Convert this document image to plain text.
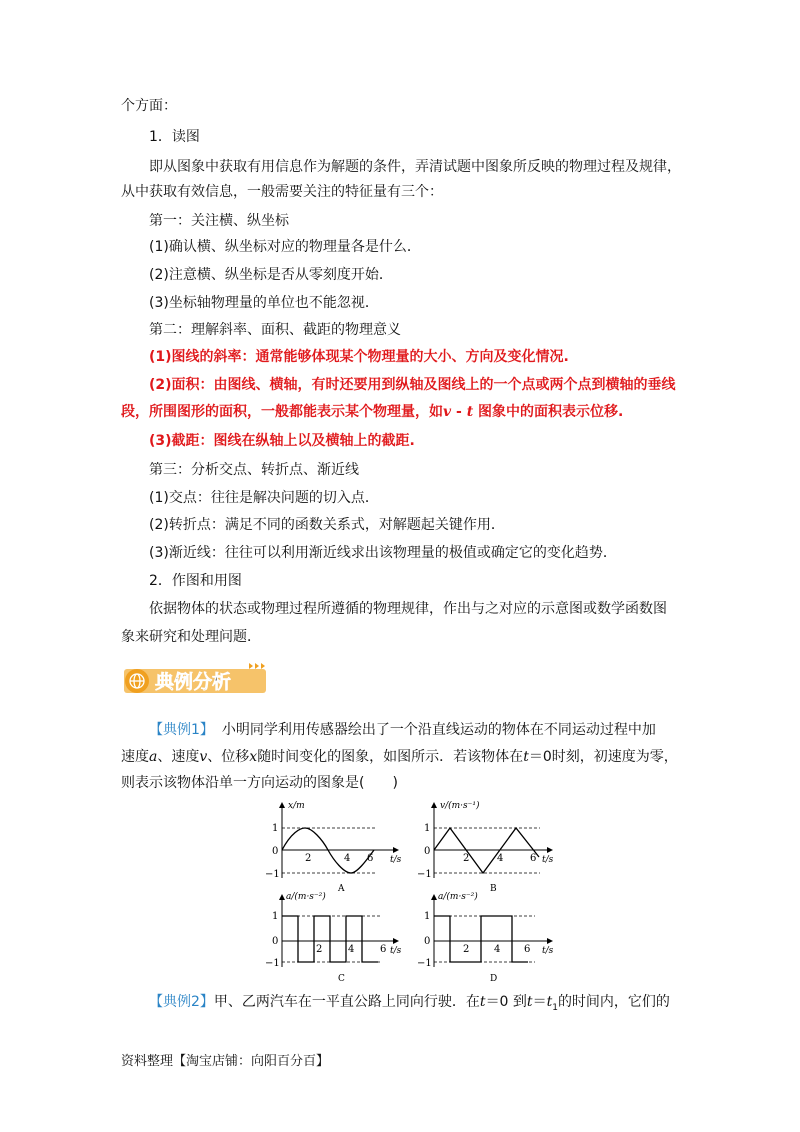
个方面：
1．读图
即从图象中获取有用信息作为解题的条件，弄清试题中图象所反映的物理过程及规律，
从中获取有效信息，一般需要关注的特征量有三个：
第一：关注横、纵坐标
(1)确认横、纵坐标对应的物理量各是什么．
(2)注意横、纵坐标是否从零刻度开始．
(3)坐标轴物理量的单位也不能忽视．
第二：理解斜率、面积、截距的物理意义
(1)图线的斜率：通常能够体现某个物理量的大小、方向及变化情况.
(2)面积：由图线、横轴，有时还要用到纵轴及图线上的一个点或两个点到横轴的垂线
段，所围图形的面积，一般都能表示某个物理量，如v - t 图象中的面积表示位移.
(3)截距：图线在纵轴上以及横轴上的截距.
第三：分析交点、转折点、渐近线
(1)交点：往往是解决问题的切入点．
(2)转折点：满足不同的函数关系式，对解题起关键作用．
(3)渐近线：往往可以利用渐近线求出该物理量的极值或确定它的变化趋势．
2．作图和用图
依据物体的状态或物理过程所遵循的物理规律，作出与之对应的示意图或数学函数图
象来研究和处理问题．
典例分析
【典例1】 小明同学利用传感器绘出了一个沿直线运动的物体在不同运动过程中加
速度a、速度v、位移x随时间变化的图象，如图所示．若该物体在t＝0时刻，初速度为零，
则表示该物体沿单一方向运动的图象是(　　)
x/m
t/s
1
0
−1
2	4 6
A
v/(m·s⁻¹)
t/s
1
0
−1
2	4	6
B
a/(m·s⁻²)
t/s
1
0
−1
2	4	6
C
a/(m·s⁻²)
t/s
1
0
−1
2 4 6
D
【典例2】甲、乙两汽车在一平直公路上同向行驶．在t＝0 到$t=t_1$的时间内，它们的
资料整理【淘宝店铺：向阳百分百】
